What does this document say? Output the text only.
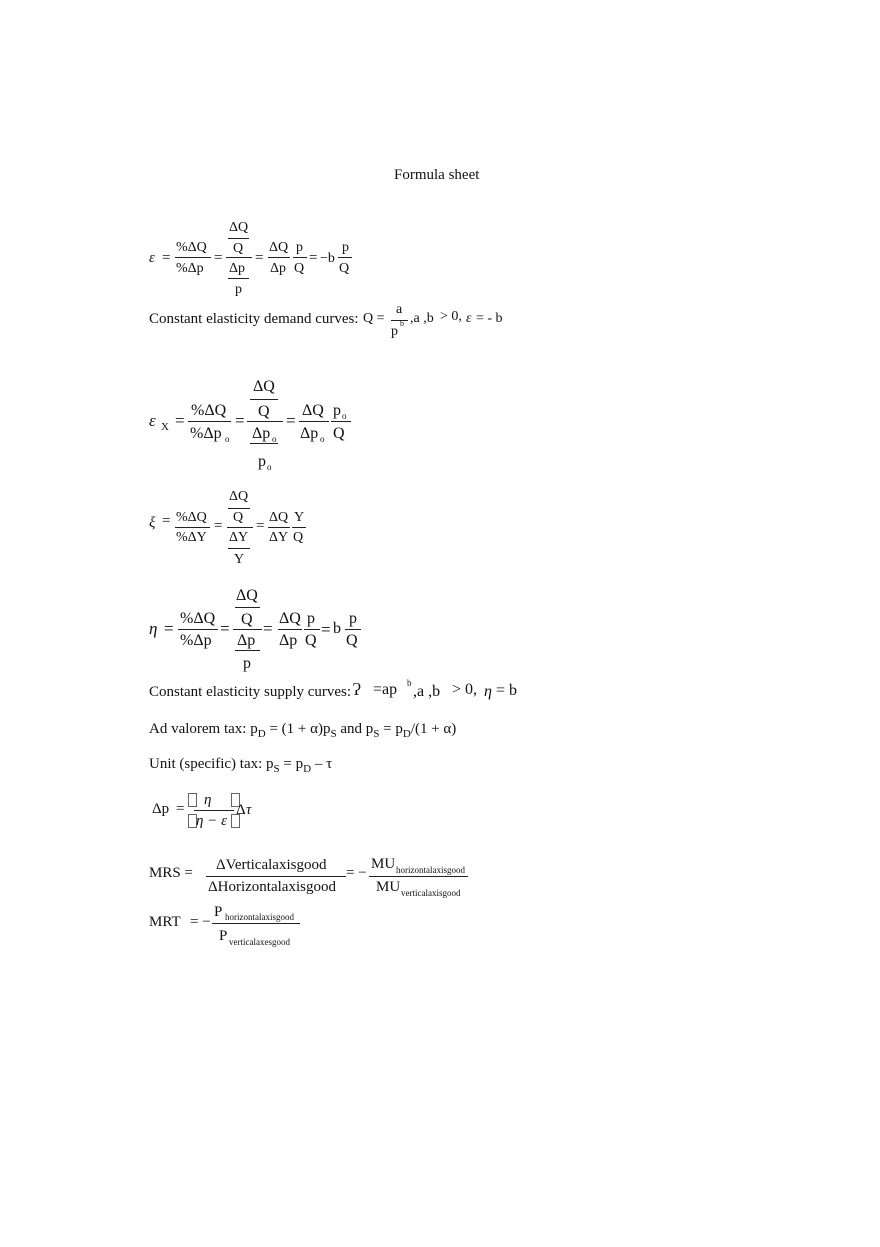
Formula sheet
ε =
%ΔQ
%Δp
=
ΔQ
Q
Δp
p
=
ΔQ
Δp
p
Q
= −b
p
Q
Constant elasticity demand curves: Q =
a
p
b ,a ,b > 0, ε = - b
ε X =
%ΔQ
%Δp o
=
ΔQ
Q
Δp o
p o
=
ΔQ
Δp o
p o
Q
ξ = %ΔQ
%ΔY
=
ΔQ
Q
ΔY
Y
=
ΔQ
ΔY
Y
Q
η =
%ΔQ
%Δp
=
ΔQ
Q
Δp
p
=
ΔQ
Δp
p
Q
= b
p
Q
Constant elasticity supply curves: Ɂ =ap b ,a ,b > 0, η = b
Ad valorem tax: $p_D = (1 + \alpha)p_S$ and $p_S = p_D/(1 + \alpha)$
Unit (specific) tax: $p_S = p_D - \tau$
Δp =
η
η − ε
Δ τ
MRS = ΔVerticalaxisgood
ΔHorizontalaxisgood
= −
MU horizontalaxisgood
MU verticalaxisgood
MRT = −
P horizontalaxisgood
P verticalaxesgood
